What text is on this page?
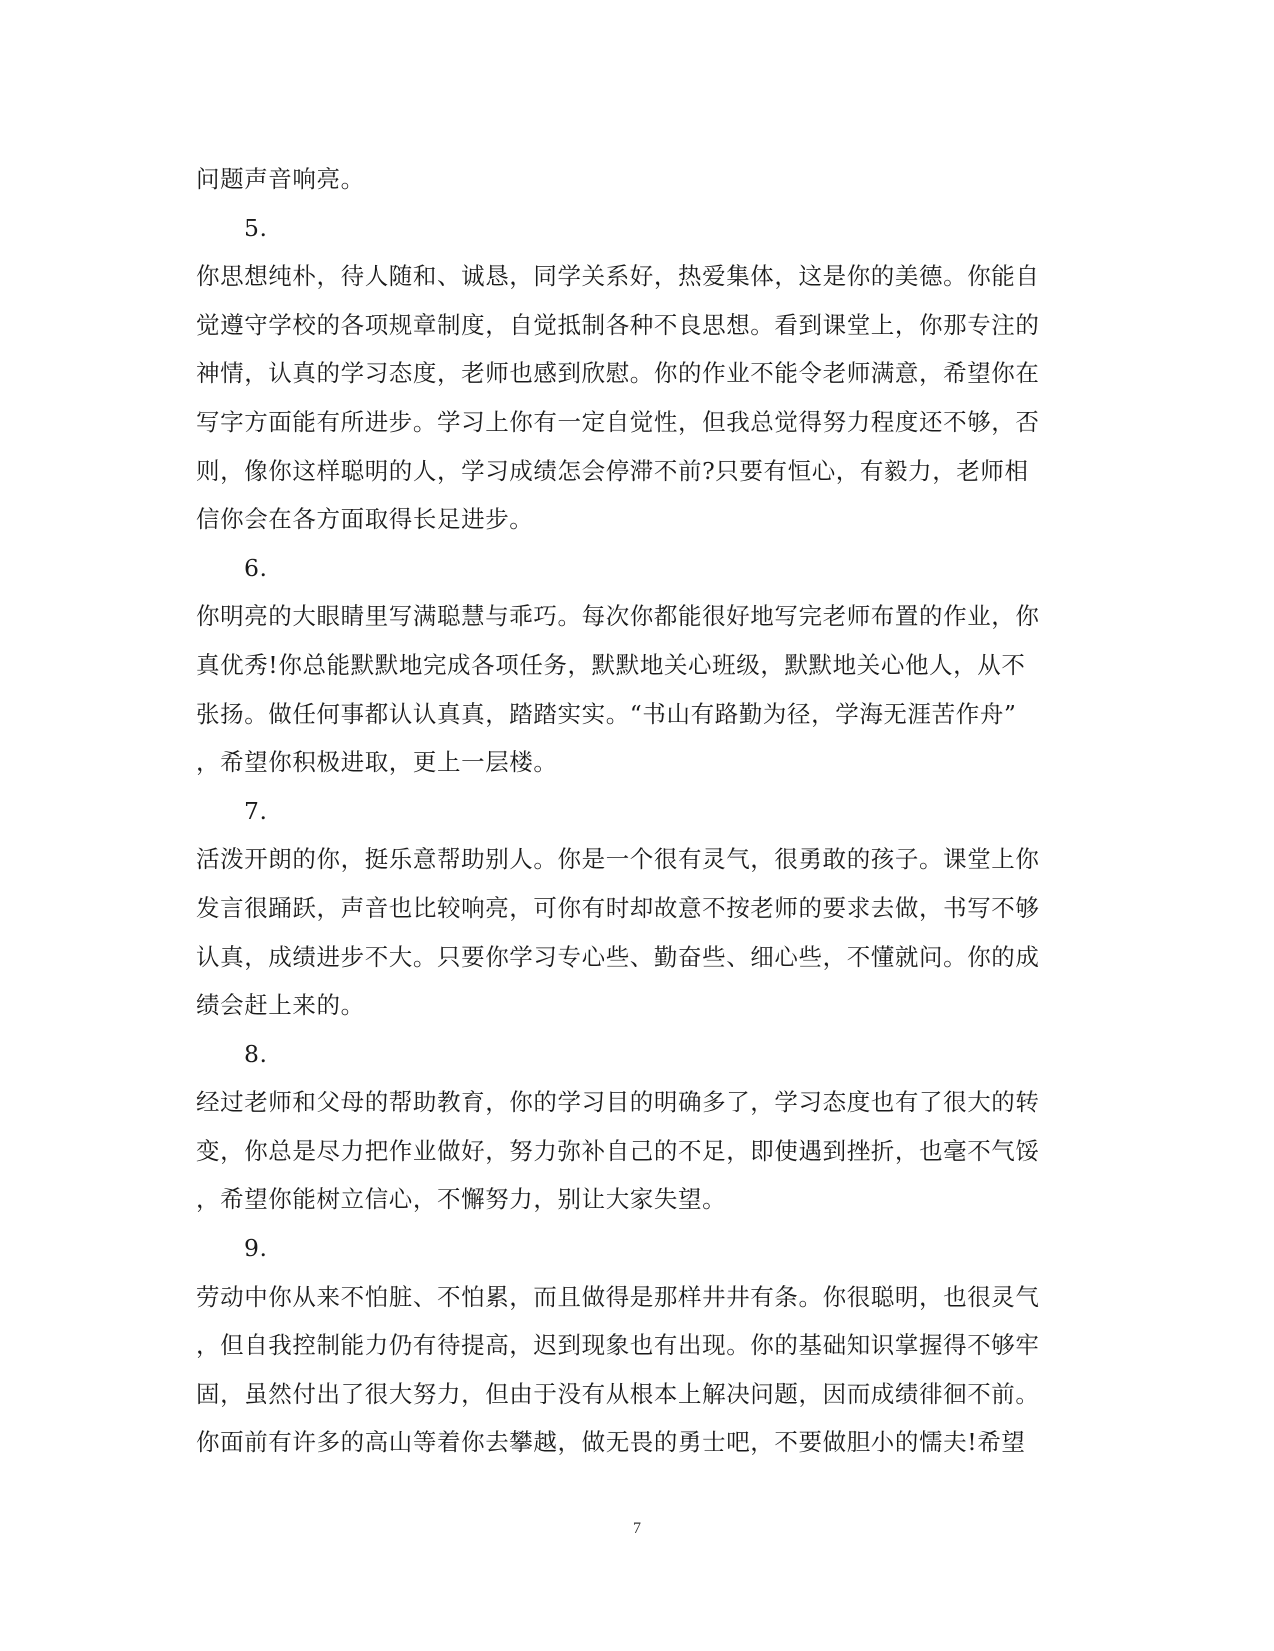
问题声音响亮。
5.
你思想纯朴，待人随和、诚恳，同学关系好，热爱集体，这是你的美德。你能自
觉遵守学校的各项规章制度，自觉抵制各种不良思想。看到课堂上，你那专注的
神情，认真的学习态度，老师也感到欣慰。你的作业不能令老师满意，希望你在
写字方面能有所进步。学习上你有一定自觉性，但我总觉得努力程度还不够，否
则，像你这样聪明的人，学习成绩怎会停滞不前?只要有恒心，有毅力，老师相
信你会在各方面取得长足进步。
6.
你明亮的大眼睛里写满聪慧与乖巧。每次你都能很好地写完老师布置的作业，你
真优秀!你总能默默地完成各项任务，默默地关心班级，默默地关心他人，从不
张扬。做任何事都认认真真，踏踏实实。“书山有路勤为径，学海无涯苦作舟”
，希望你积极进取，更上一层楼。
7.
活泼开朗的你，挺乐意帮助别人。你是一个很有灵气，很勇敢的孩子。课堂上你
发言很踊跃，声音也比较响亮，可你有时却故意不按老师的要求去做，书写不够
认真，成绩进步不大。只要你学习专心些、勤奋些、细心些，不懂就问。你的成
绩会赶上来的。
8.
经过老师和父母的帮助教育，你的学习目的明确多了，学习态度也有了很大的转
变，你总是尽力把作业做好，努力弥补自己的不足，即使遇到挫折，也毫不气馁
，希望你能树立信心，不懈努力，别让大家失望。
9.
劳动中你从来不怕脏、不怕累，而且做得是那样井井有条。你很聪明，也很灵气
，但自我控制能力仍有待提高，迟到现象也有出现。你的基础知识掌握得不够牢
固，虽然付出了很大努力，但由于没有从根本上解决问题，因而成绩徘徊不前。
你面前有许多的高山等着你去攀越，做无畏的勇士吧，不要做胆小的懦夫!希望
7
